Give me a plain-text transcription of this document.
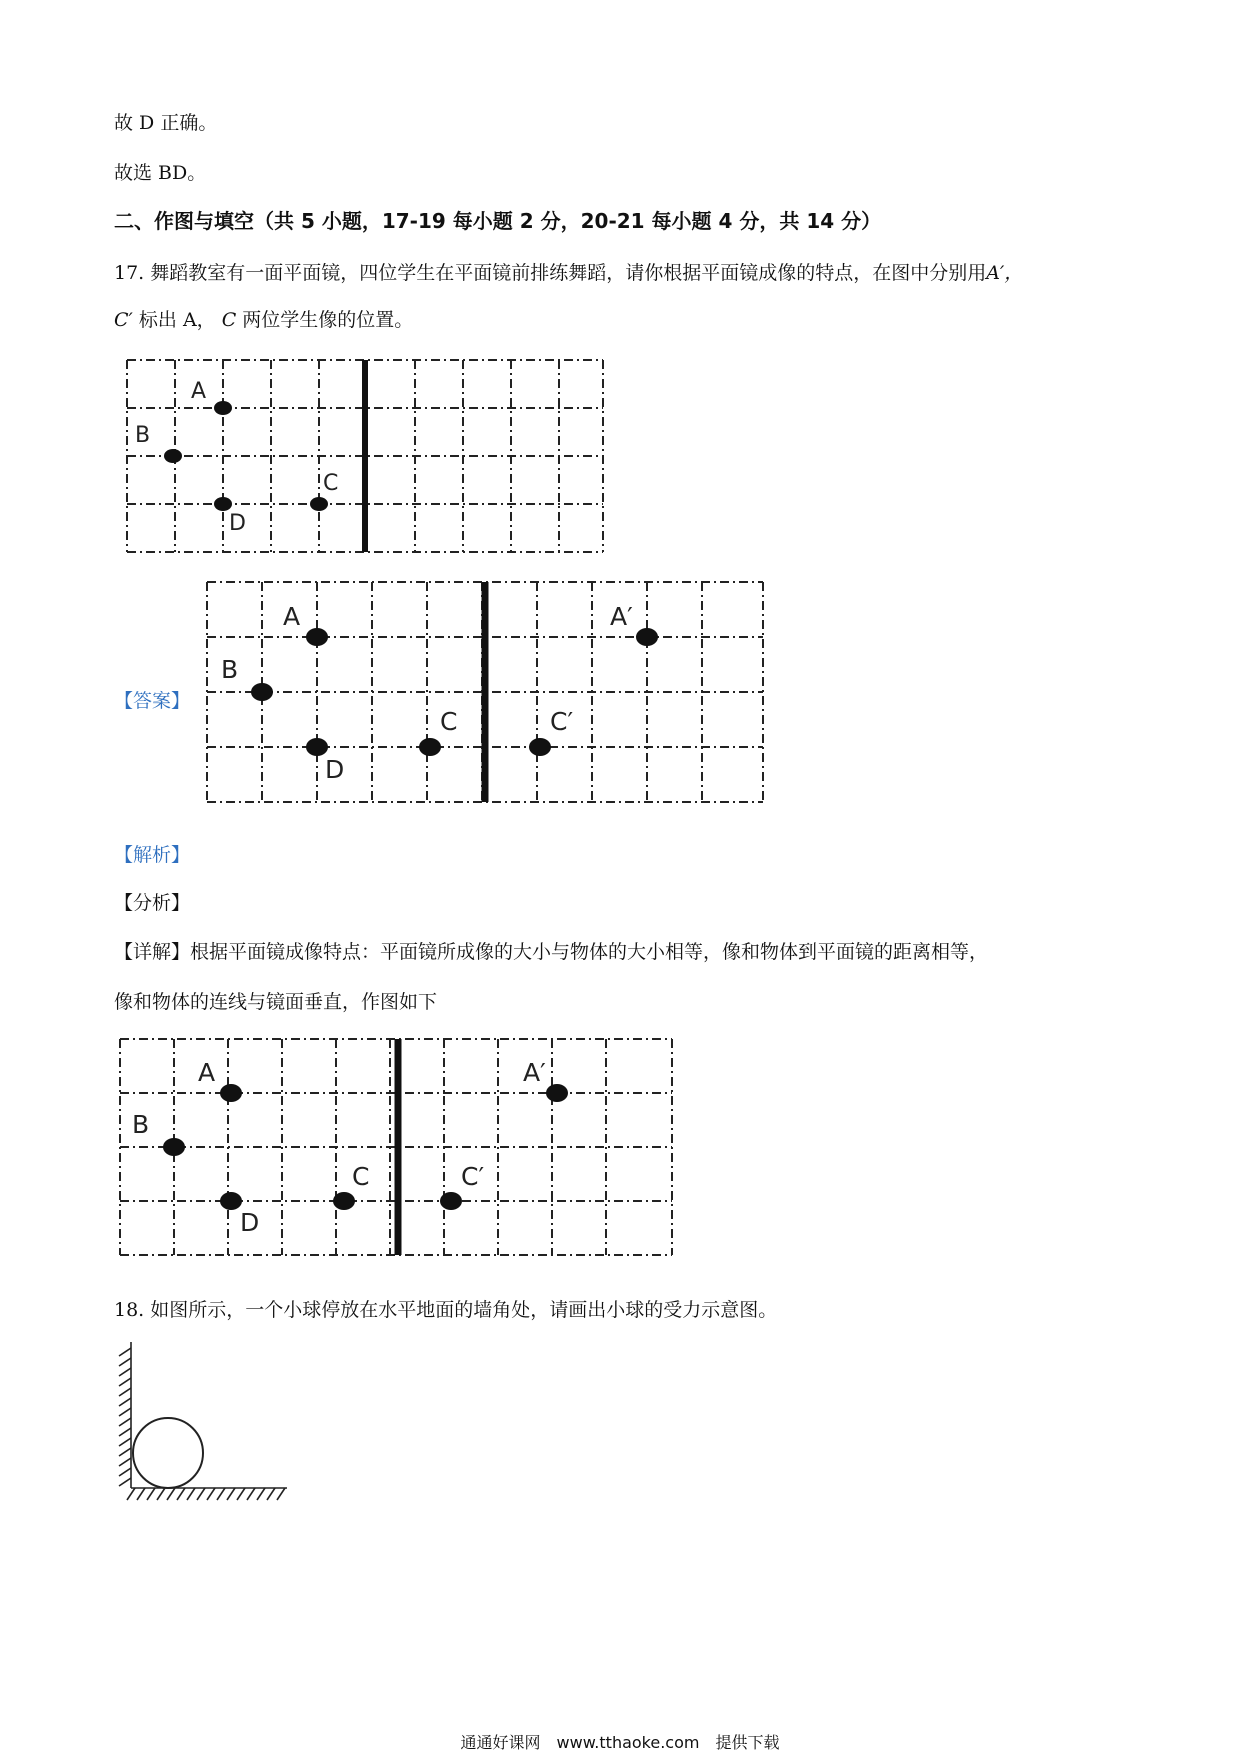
故 D 正确。
故选 BD。
二、作图与填空（共 5 小题，17-19 每小题 2 分，20-21 每小题 4 分，共 14 分）
17. 舞蹈教室有一面平面镜，四位学生在平面镜前排练舞蹈，请你根据平面镜成像的特点，在图中分别用A′，
C′ 标出 A， C 两位学生像的位置。
A
B
C
D
【答案】
A
B
C
D
A′
C′
【解析】
【分析】
【详解】根据平面镜成像特点：平面镜所成像的大小与物体的大小相等，像和物体到平面镜的距离相等，
像和物体的连线与镜面垂直，作图如下
A
B
C
D
A′
C′
18. 如图所示，一个小球停放在水平地面的墙角处，请画出小球的受力示意图。
通通好课网　www.tthaoke.com　提供下载
